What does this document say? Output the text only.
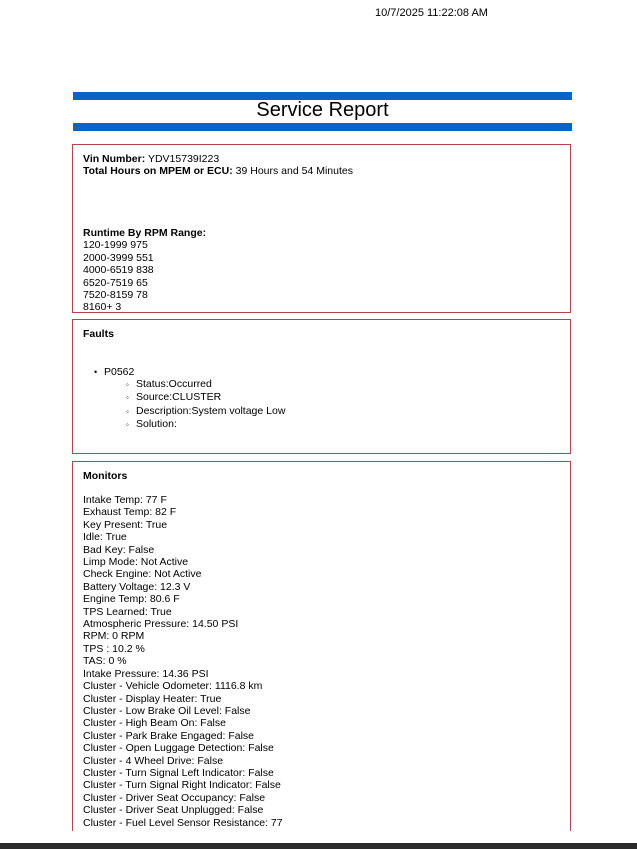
10/7/2025 11:22:08 AM
Service Report
Vin Number: YDV15739I223
Total Hours on MPEM or ECU: 39 Hours and 54 Minutes
Runtime By RPM Range:
120-1999 975
2000-3999 551
4000-6519 838
6520-7519 65
7520-8159 78
8160+ 3
Faults
• P0562
◦ Status:Occurred
◦ Source:CLUSTER
◦ Description:System voltage Low
◦ Solution:
Monitors
Intake Temp: 77 F
Exhaust Temp: 82 F
Key Present: True
Idle: True
Bad Key: False
Limp Mode: Not Active
Check Engine: Not Active
Battery Voltage: 12.3 V
Engine Temp: 80.6 F
TPS Learned: True
Atmospheric Pressure: 14.50 PSI
RPM: 0 RPM
TPS : 10.2 %
TAS: 0 %
Intake Pressure: 14.36 PSI
Cluster - Vehicle Odometer: 1116.8 km
Cluster - Display Heater: True
Cluster - Low Brake Oil Level: False
Cluster - High Beam On: False
Cluster - Park Brake Engaged: False
Cluster - Open Luggage Detection: False
Cluster - 4 Wheel Drive: False
Cluster - Turn Signal Left Indicator: False
Cluster - Turn Signal Right Indicator: False
Cluster - Driver Seat Occupancy: False
Cluster - Driver Seat Unplugged: False
Cluster - Fuel Level Sensor Resistance: 77
